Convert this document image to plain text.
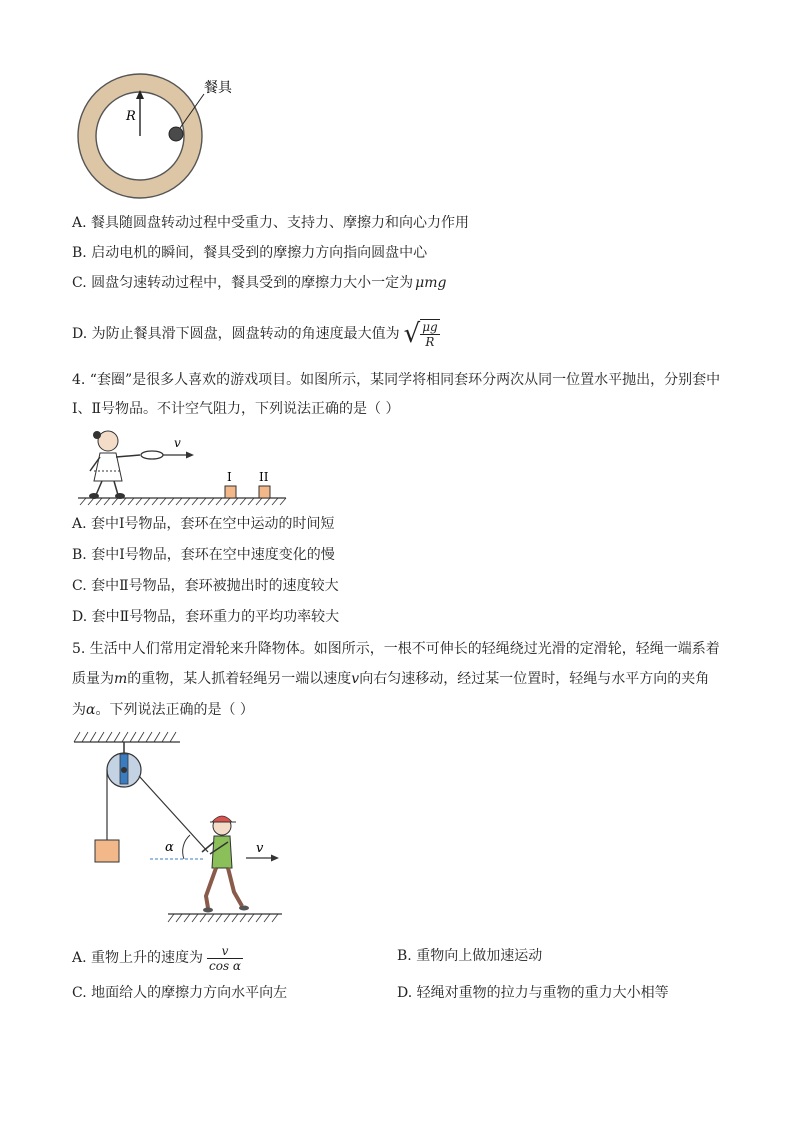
R
餐具
A. 餐具随圆盘转动过程中受重力、支持力、摩擦力和向心力作用
B. 启动电机的瞬间，餐具受到的摩擦力方向指向圆盘中心
C. 圆盘匀速转动过程中，餐具受到的摩擦力大小一定为 μmg
D. 为防止餐具滑下圆盘，圆盘转动的角速度最大值为 √ $\frac{\mu g}{R}$
4. “套圈”是很多人喜欢的游戏项目。如图所示，某同学将相同套环分两次从同一位置水平抛出，分别套中
Ⅰ、Ⅱ号物品。不计空气阻力，下列说法正确的是（ ）
v
I II
A. 套中Ⅰ号物品，套环在空中运动的时间短
B. 套中Ⅰ号物品，套环在空中速度变化的慢
C. 套中Ⅱ号物品，套环被抛出时的速度较大
D. 套中Ⅱ号物品，套环重力的平均功率较大
5. 生活中人们常用定滑轮来升降物体。如图所示，一根不可伸长的轻绳绕过光滑的定滑轮，轻绳一端系着
质量为m的重物，某人抓着轻绳另一端以速度v向右匀速移动，经过某一位置时，轻绳与水平方向的夹角
为α。下列说法正确的是（ ）
α	v
A. 重物上升的速度为 $\frac{v}{\text{cos α}}$	B. 重物向上做加速运动
C. 地面给人的摩擦力方向水平向左	D. 轻绳对重物的拉力与重物的重力大小相等
